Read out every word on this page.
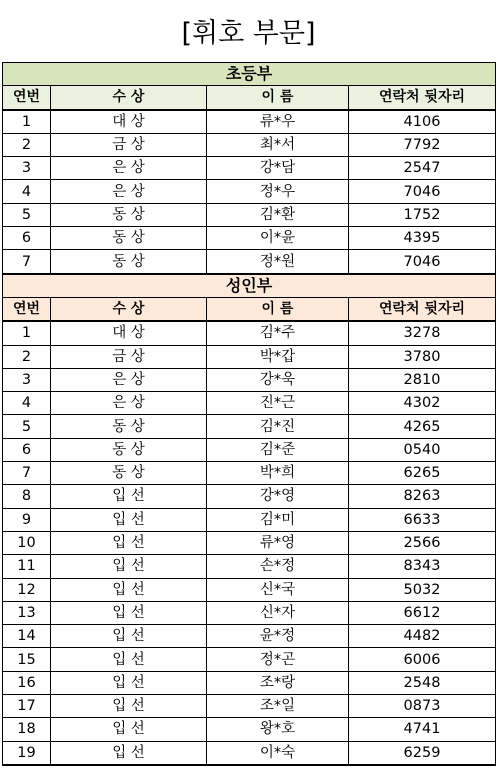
[휘호 부문]
초등부			
연번	수 상	이 름	연락처 뒷자리
1	대 상	류*우	4106
2	금 상	최*서	7792
3	은 상	강*담	2547
4	은 상	정*우	7046
5	동 상	김*환	1752
6	동 상	이*윤	4395
7	동 상	정*원	7046
성인부			
연번	수 상	이 름	연락처 뒷자리
1	대 상	김*주	3278
2	금 상	박*갑	3780
3	은 상	강*욱	2810
4	은 상	진*근	4302
5	동 상	김*진	4265
6	동 상	김*준	0540
7	동 상	박*희	6265
8	입 선	강*영	8263
9	입 선	김*미	6633
10	입 선	류*영	2566
11	입 선	손*정	8343
12	입 선	신*국	5032
13	입 선	신*자	6612
14	입 선	윤*정	4482
15	입 선	정*곤	6006
16	입 선	조*랑	2548
17	입 선	조*일	0873
18	입 선	왕*호	4741
19	입 선	이*숙	6259
